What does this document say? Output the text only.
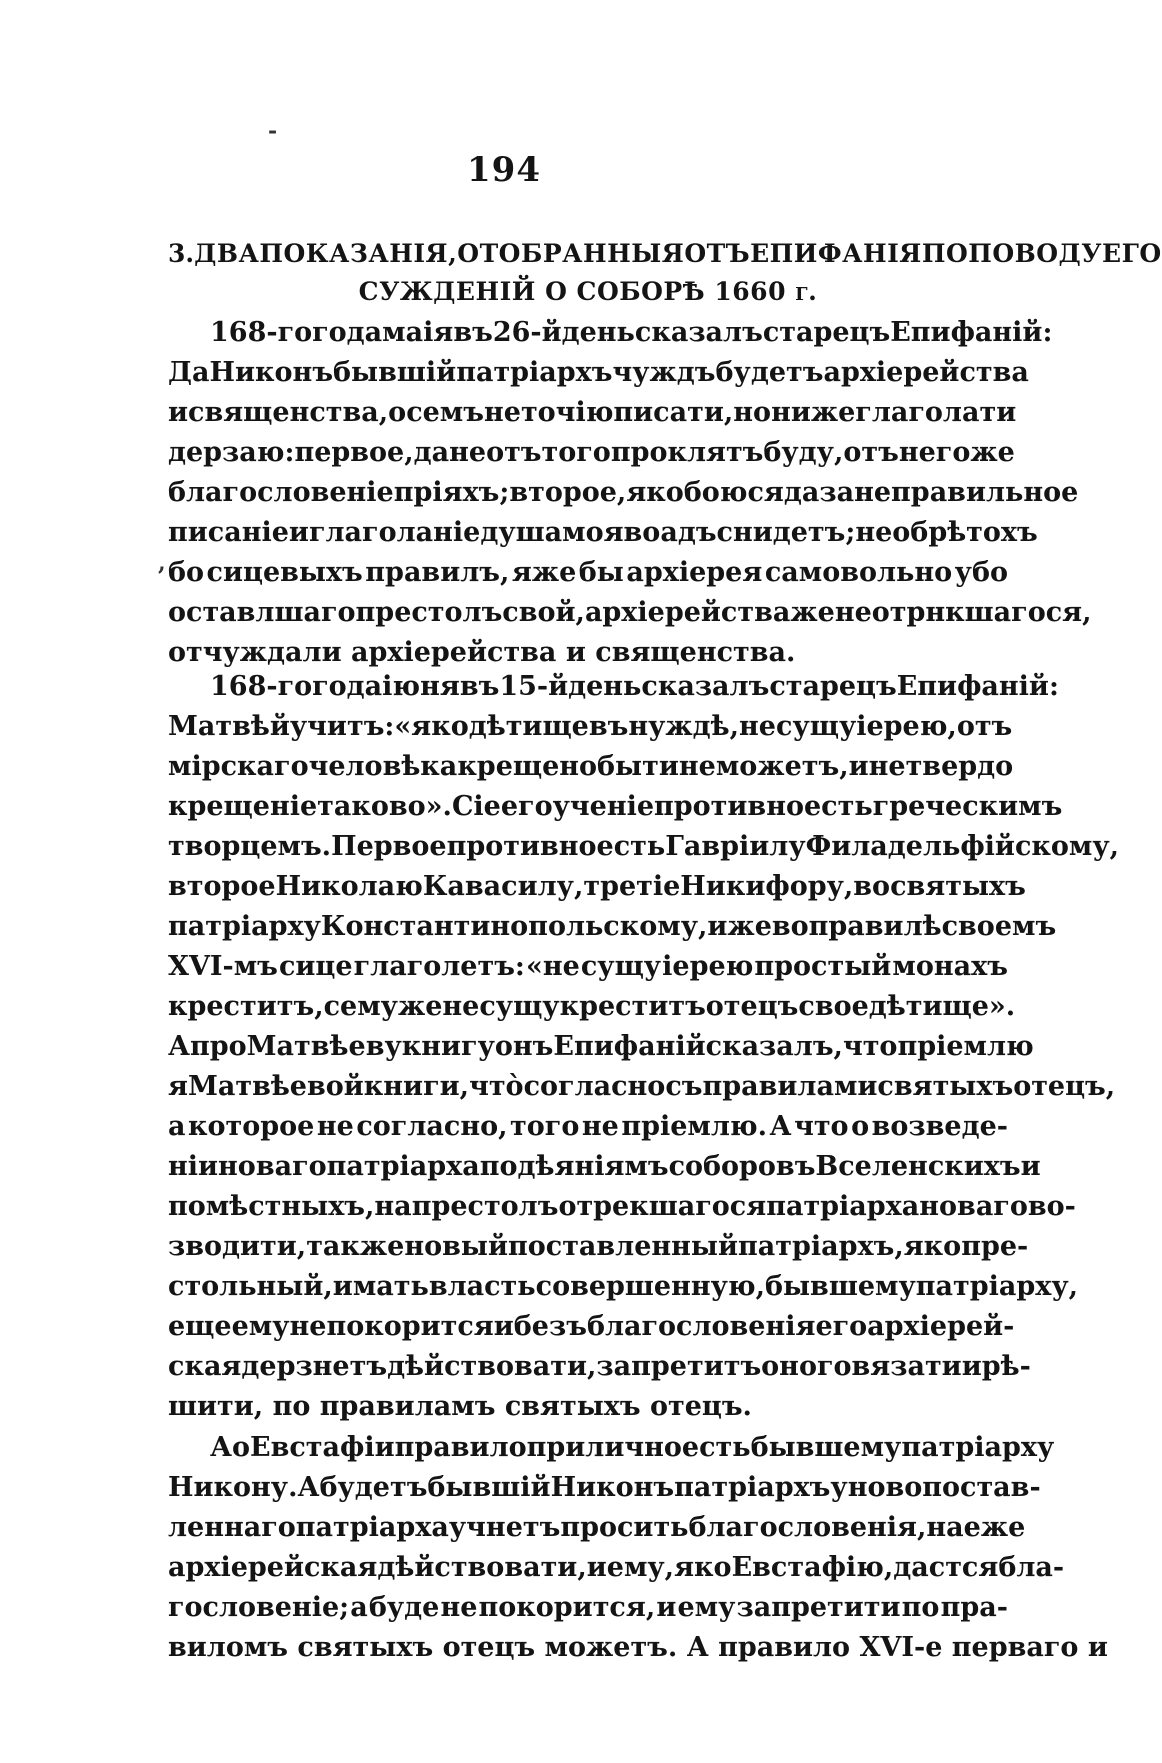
194
3. ДВА ПОКАЗАНІЯ, ОТОБРАННЫЯ ОТЪ ЕПИФАНІЯ ПО ПОВОДУ ЕГО
СУЖДЕНІЙ О СОБОРѢ 1660 г.
168-го года маія въ 26-й день сказалъ старецъ Епифаній:
Да Никонъ бывшій патріархъ чуждъ будетъ архіерейства
и священства, о семъ не точію писати, но ниже глаголати
дерзаю: первое, да не отъ того проклятъ буду, отъ него же
благословеніе пріяхъ; второе, яко боюся да за неправильное
писаніе и глаголаніе душа моя во адъ снидетъ; не обрѣтохъ
бо сицевыхъ правилъ, яже бы архіерея самовольно убо
оставлшаго престолъ свой, архіерейства же не отрнкшагося,
отчуждали архіерейства и священства.
168-го года іюня въ 15-й день сказалъ старецъ Епифаній:
Матвѣй учитъ: «яко дѣтище въ нуждѣ, не сущу іерею, отъ
мірскаго человѣка крещено быти не можетъ, и не твердо
крещеніе таково». Сіе его ученіе противно есть греческимъ
творцемъ. Первое противно есть Гавріилу Филадельфійскому,
второе Николаю Кавасилу, третіе Никифору, во святыхъ
патріарху Константинопольскому, иже во правилѣ своемъ
XVI-мъ сице глаголетъ: «не сущу іерею простый монахъ
креститъ, сему же не сущу креститъ отецъ свое дѣтище».
А про Матвѣеву книгу онъ Епифаній сказалъ, что пріемлю
я Матвѣевой книги, что̀ согласно съ правилами святыхъ отецъ,
а которое не согласно, того не пріемлю. А что о возведе-
ніи новаго патріарха по дѣяніямъ соборовъ Вселенскихъ и
помѣстныхъ, на престолъ отрекшагося патріарха новаго во-
зводити, также новый поставленный патріархъ, яко пре-
стольный, имать власть совершенную, бывшему патріарху,
еще ему не покорится и безъ благословенія его архіерей-
ская дерзнетъ дѣйствовати, запретитъ оного вязати и рѣ-
шити, по правиламъ святыхъ отецъ.
А о Евстафіи правило прилично есть бывшему патріарху
Никону. А будетъ бывшій Никонъ патріархъ у новопостав-
леннаго патріарха учнетъ просить благословенія, на еже
архіерейская дѣйствовати, и ему, яко Евстафію, дастся бла-
гословеніе; а буде не покорится, и ему запретити по пра-
виломъ святыхъ отецъ можетъ. А правило XVI-е перваго и
,
-
